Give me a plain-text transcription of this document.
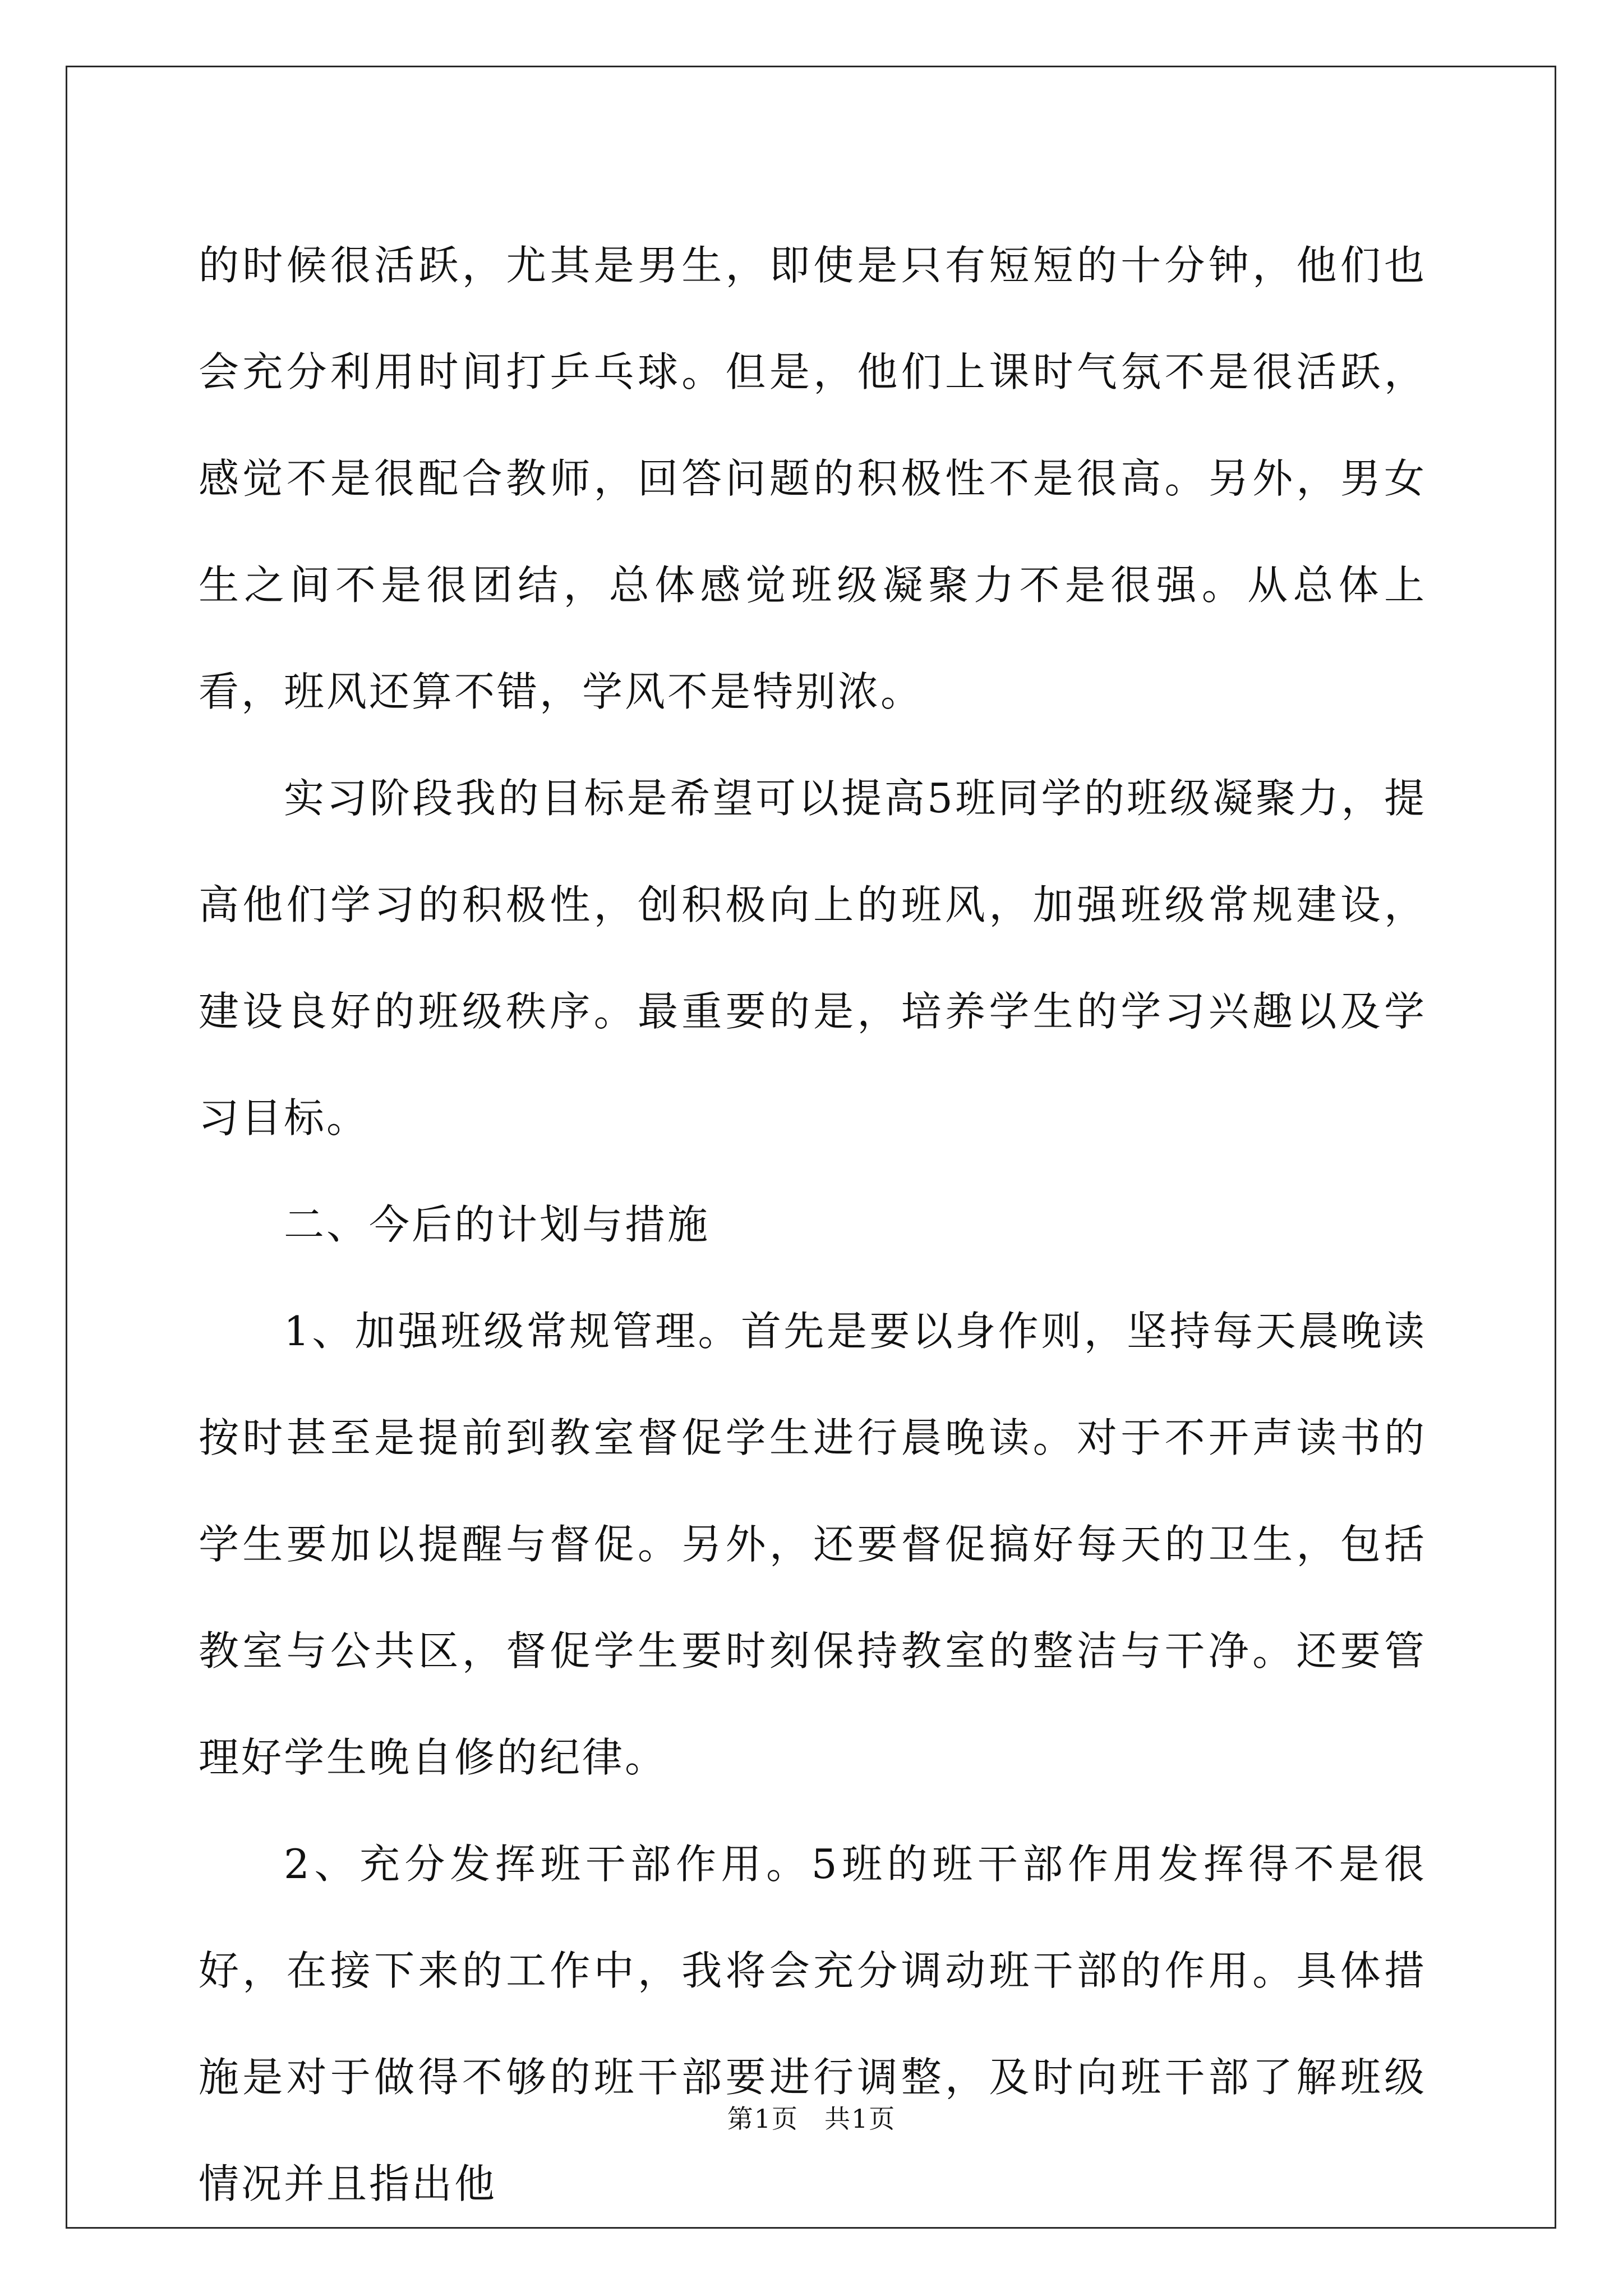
的时候很活跃，尤其是男生，即使是只有短短的十分钟，他们也会充分利用时间打乒乓球。但是，他们上课时气氛不是很活跃，感觉不是很配合教师，回答问题的积极性不是很高。另外，男女生之间不是很团结，总体感觉班级凝聚力不是很强。从总体上看，班风还算不错，学风不是特别浓。

实习阶段我的目标是希望可以提高5班同学的班级凝聚力，提高他们学习的积极性，创积极向上的班风，加强班级常规建设，建设良好的班级秩序。最重要的是，培养学生的学习兴趣以及学习目标。

二、今后的计划与措施

1、加强班级常规管理。首先是要以身作则，坚持每天晨晚读按时甚至是提前到教室督促学生进行晨晚读。对于不开声读书的学生要加以提醒与督促。另外，还要督促搞好每天的卫生，包括教室与公共区，督促学生要时刻保持教室的整洁与干净。还要管理好学生晚自修的纪律。

2、充分发挥班干部作用。5班的班干部作用发挥得不是很好，在接下来的工作中，我将会充分调动班干部的作用。具体措施是对于做得不够的班干部要进行调整，及时向班干部了解班级情况并且指出他

第1页 共1页
